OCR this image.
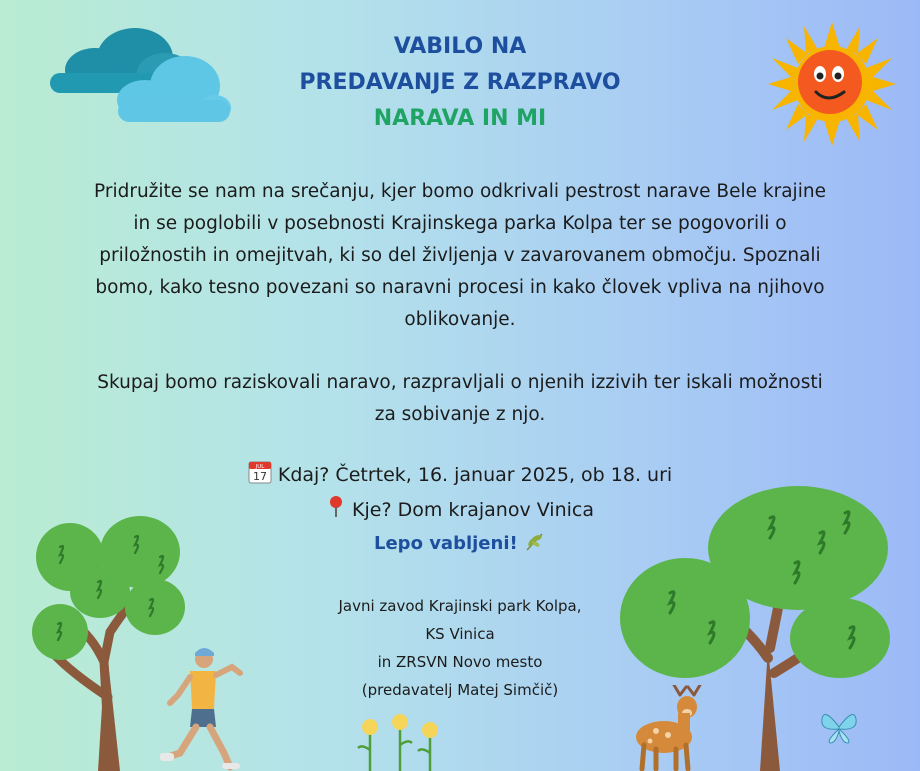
VABILO NA
PREDAVANJE Z RAZPRAVO
NARAVA IN MI
Pridružite se nam na srečanju, kjer bomo odkrivali pestrost narave Bele krajine in se poglobili v posebnosti Krajinskega parka Kolpa ter se pogovorili o priložnostih in omejitvah, ki so del življenja v zavarovanem območju. Spoznali bomo, kako tesno povezani so naravni procesi in kako človek vpliva na njihovo oblikovanje.
Skupaj bomo raziskovali naravo, razpravljali o njenih izzivih ter iskali možnosti za sobivanje z njo.
JUL
17 Kdaj? Četrtek, 16. januar 2025, ob 18. uri
Kje? Dom krajanov Vinica
Lepo vabljeni!
Javni zavod Krajinski park Kolpa,
KS Vinica
in ZRSVN Novo mesto
(predavatelj Matej Simčič)
